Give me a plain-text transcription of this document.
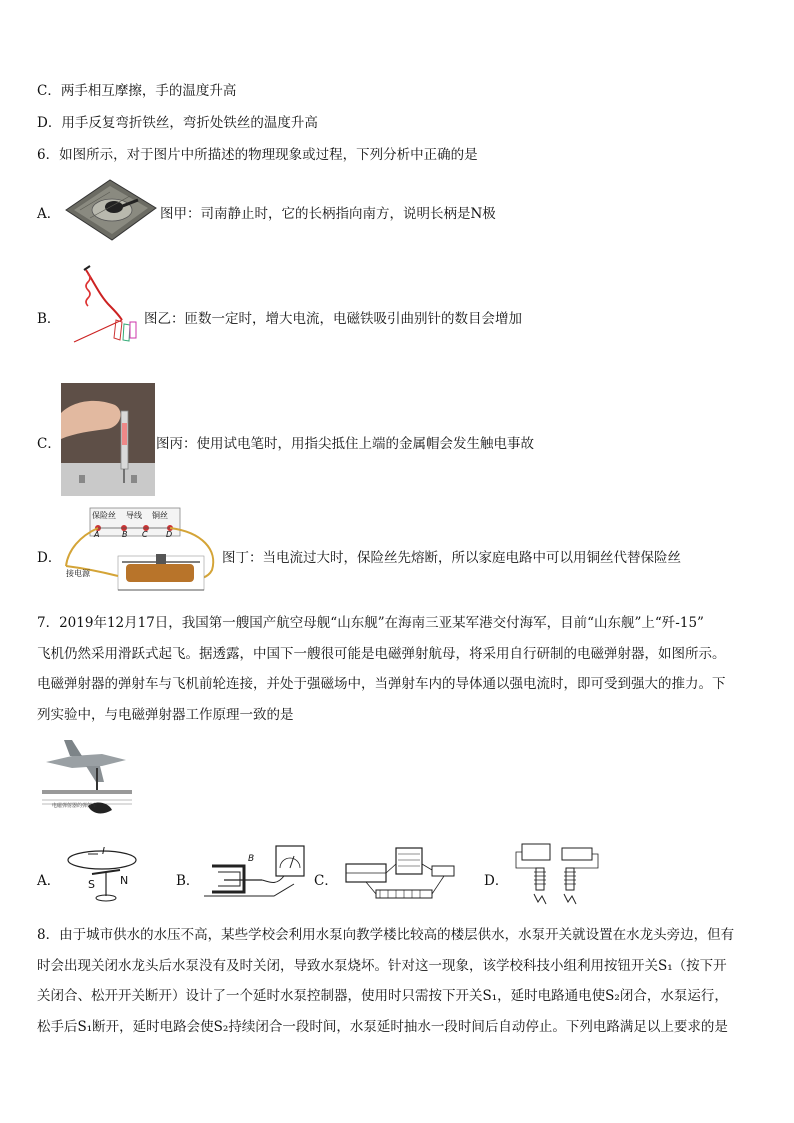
C．两手相互摩擦，手的温度升高
D．用手反复弯折铁丝，弯折处铁丝的温度升高
6．如图所示，对于图片中所描述的物理现象或过程，下列分析中正确的是
A．	图甲：司南静止时，它的长柄指向南方，说明长柄是N极
B．	图乙：匝数一定时，增大电流，电磁铁吸引曲别针的数目会增加
C．	图丙：使用试电笔时，用指尖抵住上端的金属帽会发生触电事故
D．
保险丝 导线 铜丝
A	B C D
接电源
图丁：当电流过大时，保险丝先熔断，所以家庭电路中可以用铜丝代替保险丝
7．2019年12月17日，我国第一艘国产航空母舰“山东舰”在海南三亚某军港交付海军，目前“山东舰”上“歼-15”
飞机仍然采用滑跃式起飞。据透露，中国下一艘很可能是电磁弹射航母，将采用自行研制的电磁弹射器，如图所示。
电磁弹射器的弹射车与飞机前轮连接，并处于强磁场中，当弹射车内的导体通以强电流时，即可受到强大的推力。下
列实验中，与电磁弹射器工作原理一致的是
电磁弹射器的弹射车
A．
I
S N	B．
B
C．	D．
8．由于城市供水的水压不高，某些学校会利用水泵向教学楼比较高的楼层供水，水泵开关就设置在水龙头旁边，但有
时会出现关闭水龙头后水泵没有及时关闭，导致水泵烧坏。针对这一现象，该学校科技小组利用按钮开关S₁（按下开
关闭合、松开开关断开）设计了一个延时水泵控制器，使用时只需按下开关S₁，延时电路通电使S₂闭合，水泵运行，
松手后S₁断开，延时电路会使S₂持续闭合一段时间，水泵延时抽水一段时间后自动停止。下列电路满足以上要求的是
